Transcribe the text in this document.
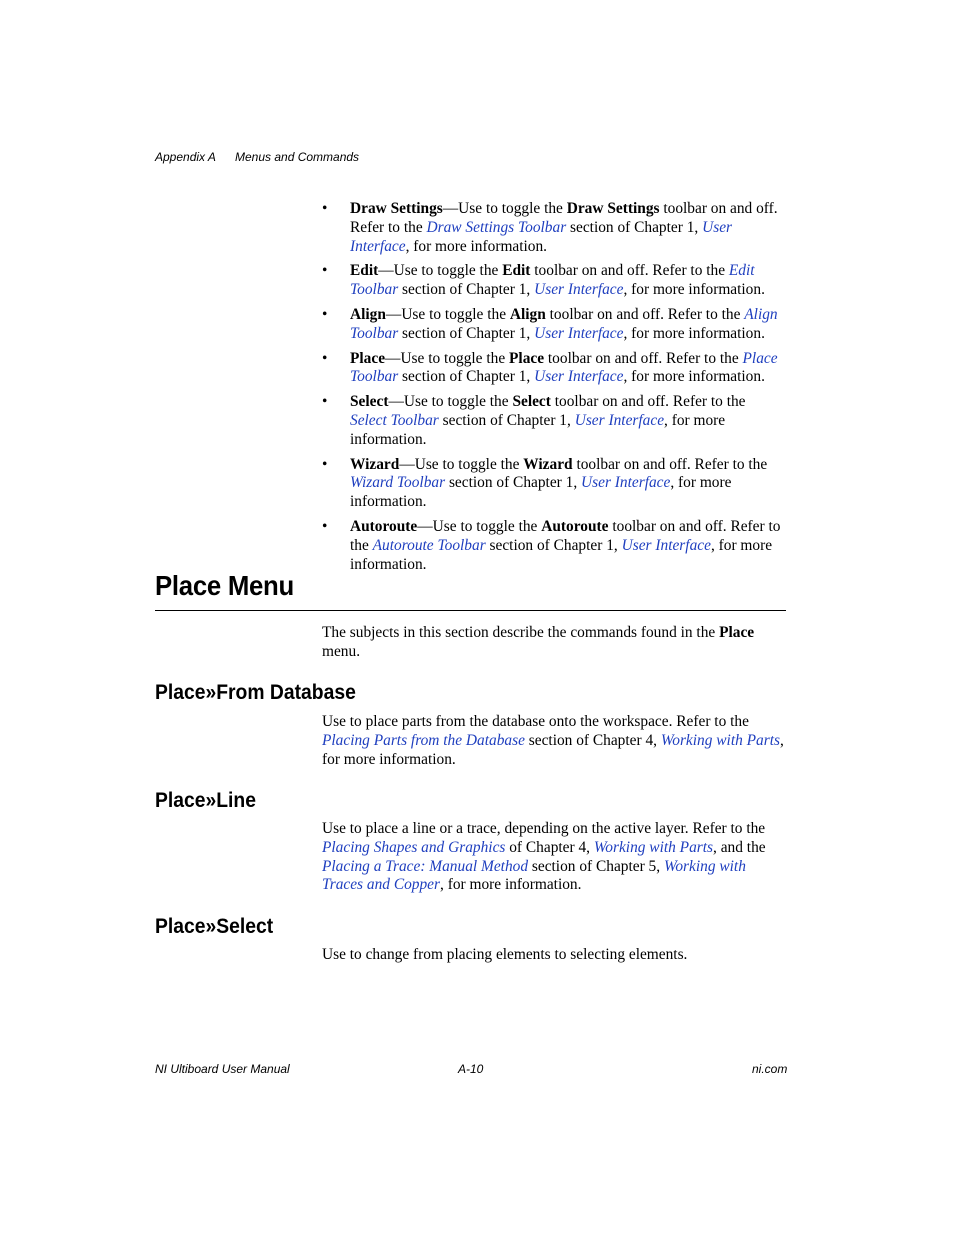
Appendix A Menus and Commands
• Draw Settings—Use to toggle the Draw Settings toolbar on and off. Refer to the Draw Settings Toolbar section of Chapter 1, User Interface, for more information.
• Edit—Use to toggle the Edit toolbar on and off. Refer to the Edit Toolbar section of Chapter 1, User Interface, for more information.
• Align—Use to toggle the Align toolbar on and off. Refer to the Align Toolbar section of Chapter 1, User Interface, for more information.
• Place—Use to toggle the Place toolbar on and off. Refer to the Place Toolbar section of Chapter 1, User Interface, for more information.
• Select—Use to toggle the Select toolbar on and off. Refer to the Select Toolbar section of Chapter 1, User Interface, for more information.
• Wizard—Use to toggle the Wizard toolbar on and off. Refer to the Wizard Toolbar section of Chapter 1, User Interface, for more information.
• Autoroute—Use to toggle the Autoroute toolbar on and off. Refer to the Autoroute Toolbar section of Chapter 1, User Interface, for more information.
Place Menu

The subjects in this section describe the commands found in the Place menu.

Place»From Database

Use to place parts from the database onto the workspace. Refer to the Placing Parts from the Database section of Chapter 4, Working with Parts, for more information.

Place»Line

Use to place a line or a trace, depending on the active layer. Refer to the Placing Shapes and Graphics of Chapter 4, Working with Parts, and the Placing a Trace: Manual Method section of Chapter 5, Working with Traces and Copper, for more information.

Place»Select

Use to change from placing elements to selecting elements.

NI Ultiboard User Manual	A-10	ni.com
